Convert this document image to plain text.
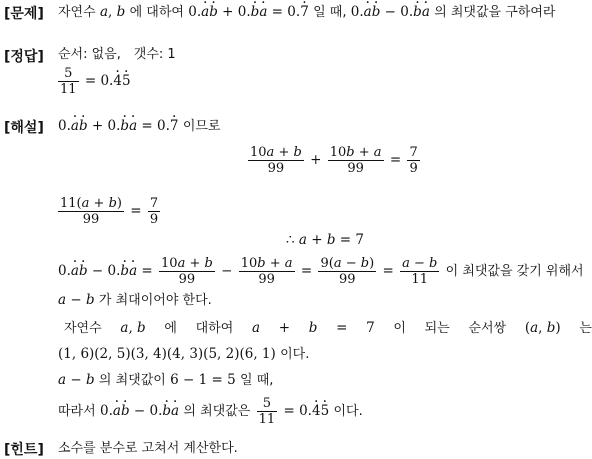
[문제] 자연수 a, b 에 대하여 0.· a· b + 0.· b· a = 0.· 7 일 때, 0.· a· b − 0.· b· a 의 최댓값을 구하여라
[정답] 순서: 없음, 갯수: 1
$\frac{5}{11} = 0.\cdot 4\cdot 5$
[해설] 0.· a· b + 0.· b· a = 0.· 7 이므로
$\frac{10a + b}{99} + \frac{10b + a}{99} = \frac{7}{9}$
$\frac{11(a + b)}{99} = \frac{7}{9}$
∴ a + b = 7
$0.\cdot a\cdot b - 0.\cdot b\cdot a = \frac{10a + b}{99} - \frac{10b + a}{99} = \frac{9(a - b)}{99} = \frac{a - b}{11}$ 이 최댓값을 갖기 위해서
a − b 가 최대이어야 한다.
자연수 a, b 에 대하여 a + b = 7 이 되는 순서쌍 (a, b) 는
(1, 6)(2, 5)(3, 4)(4, 3)(5, 2)(6, 1) 이다.
a − b 의 최댓값이 6 − 1 = 5 일 때,
따라서 0.· a· b − 0.· b· a 의 최댓값은 $\frac{5}{11} = 0.\cdot 4\cdot 5$ 이다.
[힌트] 소수를 분수로 고쳐서 계산한다.
